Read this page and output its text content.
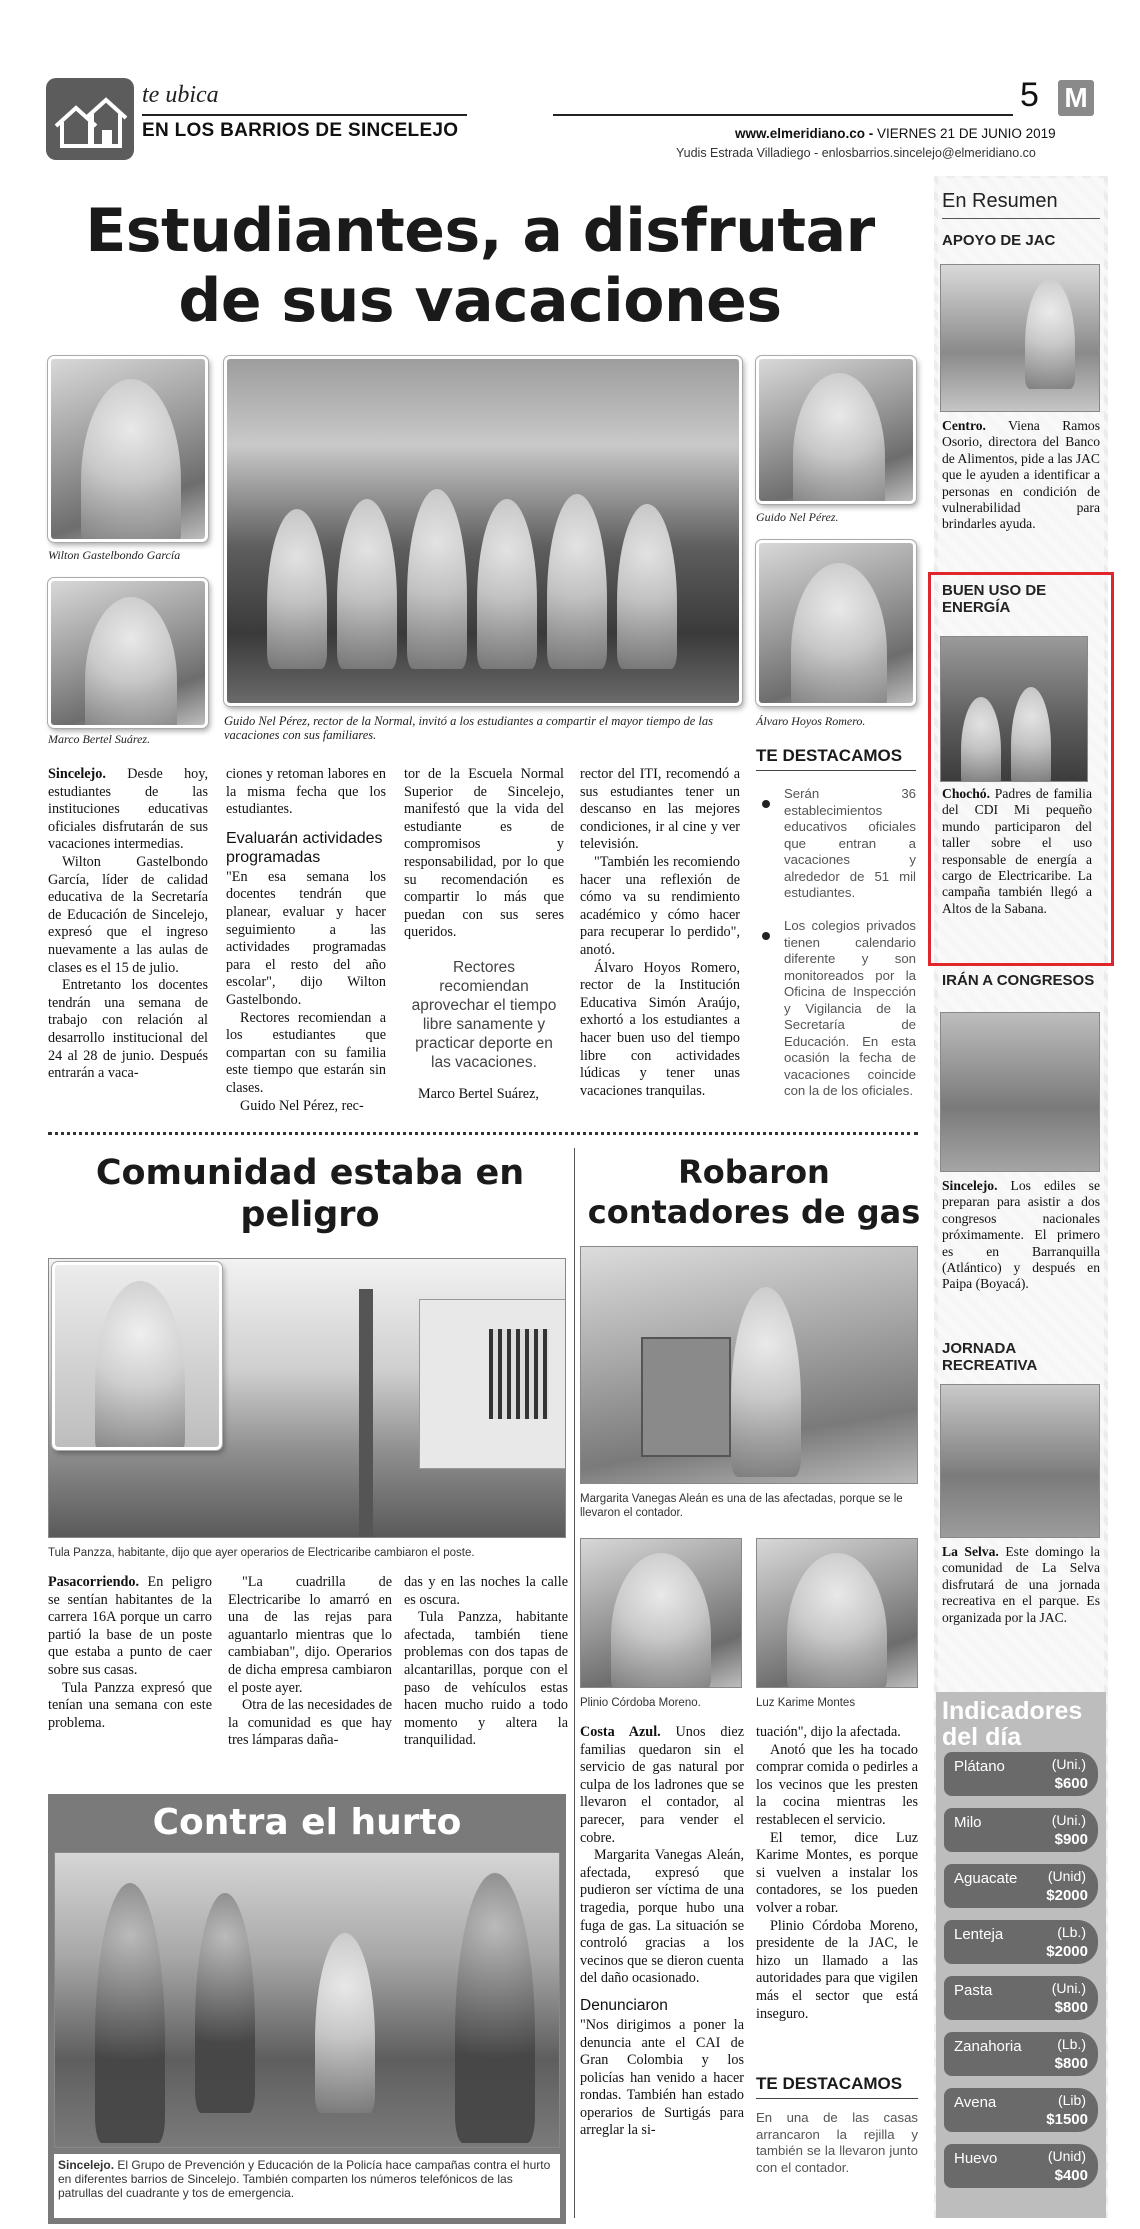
te ubica
EN LOS BARRIOS DE SINCELEJO
5 M
www.elmeridiano.co - VIERNES 21 DE JUNIO 2019
Yudis Estrada Villadiego - enlosbarrios.sincelejo@elmeridiano.co
Estudiantes, a disfrutar de sus vacaciones
Wilton Gastelbondo García
Marco Bertel Suárez.
Guido Nel Pérez, rector de la Normal, invitó a los estudiantes a compartir el mayor tiempo de las vacaciones con sus familiares.
Guido Nel Pérez.
Álvaro Hoyos Romero.

Sincelejo. Desde hoy, estudiantes de las instituciones educativas oficiales disfrutarán de sus vacaciones intermedias.

Wilton Gastelbondo García, líder de calidad educativa de la Secretaría de Educación de Sincelejo, expresó que el ingreso nuevamente a las aulas de clases es el 15 de julio.

Entretanto los docentes tendrán una semana de trabajo con relación al desarrollo institucional del 24 al 28 de junio. Después entrarán a vaca-

ciones y retoman labores en la misma fecha que los estudiantes.

Evaluarán actividades programadas

"En esa semana los docentes tendrán que planear, evaluar y hacer seguimiento a las actividades programadas para el resto del año escolar", dijo Wilton Gastelbondo.

Rectores recomiendan a los estudiantes que compartan con su familia este tiempo que estarán sin clases.

Guido Nel Pérez, rec-

tor de la Escuela Normal Superior de Sincelejo, manifestó que la vida del estudiante es de compromisos y responsabilidad, por lo que su recomendación es compartir lo más que puedan con sus seres queridos.

Rectores recomiendan aprovechar el tiempo libre sanamente y practicar deporte en las vacaciones.

Marco Bertel Suárez,

rector del ITI, recomendó a sus estudiantes tener un descanso en las mejores condiciones, ir al cine y ver televisión.

"También les recomiendo hacer una reflexión de cómo va su rendimiento académico y cómo hacer para recuperar lo perdido", anotó.

Álvaro Hoyos Romero, rector de la Institución Educativa Simón Araújo, exhortó a los estudiantes a hacer buen uso del tiempo libre con actividades lúdicas y tener unas vacaciones tranquilas.

TE DESTACAMOS
Serán 36 establecimientos educativos oficiales que entran a vacaciones y alrededor de 51 mil estudiantes.
Los colegios privados tienen calendario diferente y son monitoreados por la Oficina de Inspección y Vigilancia de la Secretaría de Educación. En esta ocasión la fecha de vacaciones coincide con la de los oficiales.
Comunidad estaba en peligro
Tula Panzza, habitante, dijo que ayer operarios de Electricaribe cambiaron el poste.

Pasacorriendo. En peligro se sentían habitantes de la carrera 16A porque un carro partió la base de un poste que estaba a punto de caer sobre sus casas.

Tula Panzza expresó que tenían una semana con este problema.

"La cuadrilla de Electricaribe lo amarró en una de las rejas para aguantarlo mientras que lo cambiaban", dijo. Operarios de dicha empresa cambiaron el poste ayer.

Otra de las necesidades de la comunidad es que hay tres lámparas daña-

das y en las noches la calle es oscura.

Tula Panzza, habitante afectada, también tiene problemas con dos tapas de alcantarillas, porque con el paso de vehículos estas hacen mucho ruido a todo momento y altera la tranquilidad.

Contra el hurto
Sincelejo. El Grupo de Prevención y Educación de la Policía hace campañas contra el hurto en diferentes barrios de Sincelejo. También comparten los números telefónicos de las patrullas del cuadrante y tos de emergencia.
Robaron contadores de gas
Margarita Vanegas Aleán es una de las afectadas, porque se le llevaron el contador.
Plinio Córdoba Moreno.	Luz Karime Montes

Costa Azul. Unos diez familias quedaron sin el servicio de gas natural por culpa de los ladrones que se llevaron el contador, al parecer, para vender el cobre.

Margarita Vanegas Aleán, afectada, expresó que pudieron ser víctima de una tragedia, porque hubo una fuga de gas. La situación se controló gracias a los vecinos que se dieron cuenta del daño ocasionado.

Denunciaron

"Nos dirigimos a poner la denuncia ante el CAI de Gran Colombia y los policías han venido a hacer rondas. También han estado operarios de Surtigás para arreglar la si-

tuación", dijo la afectada.

Anotó que les ha tocado comprar comida o pedirles a los vecinos que les presten la cocina mientras les restablecen el servicio.

El temor, dice Luz Karime Montes, es porque si vuelven a instalar los contadores, se los pueden volver a robar.

Plinio Córdoba Moreno, presidente de la JAC, le hizo un llamado a las autoridades para que vigilen más el sector que está inseguro.

TE DESTACAMOS
En una de las casas arrancaron la rejilla y también se la llevaron junto con el contador.
En Resumen
APOYO DE JAC
Centro. Viena Ramos Osorio, directora del Banco de Alimentos, pide a las JAC que le ayuden a identificar a personas en condición de vulnerabilidad para brindarles ayuda.
BUEN USO DE ENERGÍA
Chochó. Padres de familia del CDI Mi pequeño mundo participaron del taller sobre el uso responsable de energía a cargo de Electricaribe. La campaña también llegó a Altos de la Sabana.
IRÁN A CONGRESOS
Sincelejo. Los ediles se preparan para asistir a dos congresos nacionales próximamente. El primero es en Barranquilla (Atlántico) y después en Paipa (Boyacá).
JORNADA RECREATIVA
La Selva. Este domingo la comunidad de La Selva disfrutará de una jornada recreativa en el parque. Es organizada por la JAC.
Indicadores del día
Plátano	(Uni.)
$600
Milo	(Uni.)
$900
Aguacate (Unid)
$2000
Lenteja	(Lb.)
$2000
Pasta	(Uni.)
$800
Zanahoria	(Lb.)
$800
Avena	(Lib)
$1500
Huevo	(Unid)
$400
